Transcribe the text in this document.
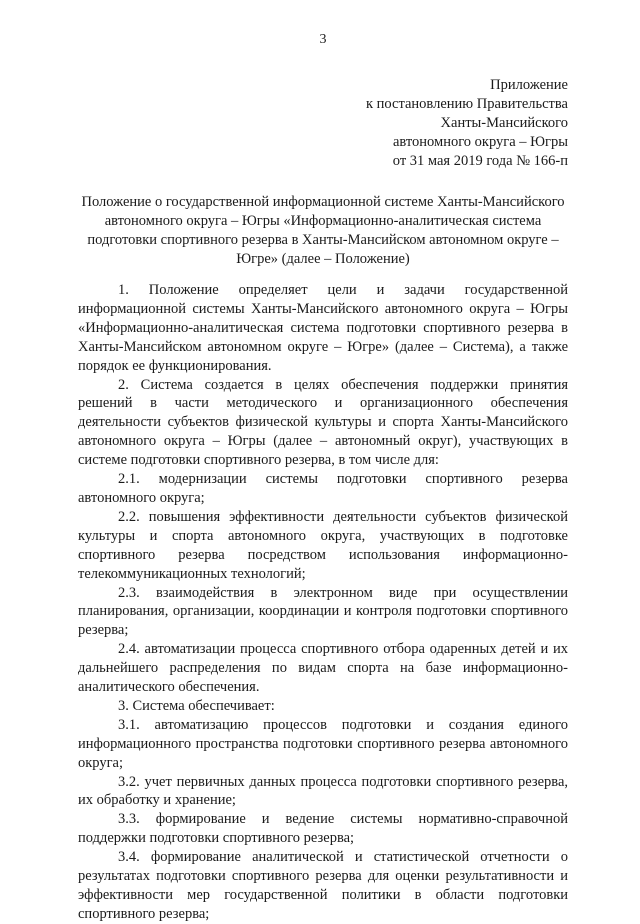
3
Приложение
к постановлению Правительства
Ханты-Мансийского
автономного округа – Югры
от 31 мая 2019 года № 166-п
Положение о государственной информационной системе Ханты-Мансийского автономного округа – Югры «Информационно-аналитическая система подготовки спортивного резерва в Ханты-Мансийском автономном округе – Югре» (далее – Положение)

1. Положение определяет цели и задачи государственной информационной системы Ханты-Мансийского автономного округа – Югры «Информационно-аналитическая система подготовки спортивного резерва в Ханты-Мансийском автономном округе – Югре» (далее – Система), а также порядок ее функционирования.

2. Система создается в целях обеспечения поддержки принятия решений в части методического и организационного обеспечения деятельности субъектов физической культуры и спорта Ханты-Мансийского автономного округа – Югры (далее – автономный округ), участвующих в системе подготовки спортивного резерва, в том числе для:

2.1. модернизации системы подготовки спортивного резерва автономного округа;

2.2. повышения эффективности деятельности субъектов физической культуры и спорта автономного округа, участвующих в подготовке спортивного резерва посредством использования информационно-телекоммуникационных технологий;

2.3. взаимодействия в электронном виде при осуществлении планирования, организации, координации и контроля подготовки спортивного резерва;

2.4. автоматизации процесса спортивного отбора одаренных детей и их дальнейшего распределения по видам спорта на базе информационно-аналитического обеспечения.

3. Система обеспечивает:

3.1. автоматизацию процессов подготовки и создания единого информационного пространства подготовки спортивного резерва автономного округа;

3.2. учет первичных данных процесса подготовки спортивного резерва, их обработку и хранение;

3.3. формирование и ведение системы нормативно-справочной поддержки подготовки спортивного резерва;

3.4. формирование аналитической и статистической отчетности о результатах подготовки спортивного резерва для оценки результативности и эффективности мер государственной политики в области подготовки спортивного резерва;
